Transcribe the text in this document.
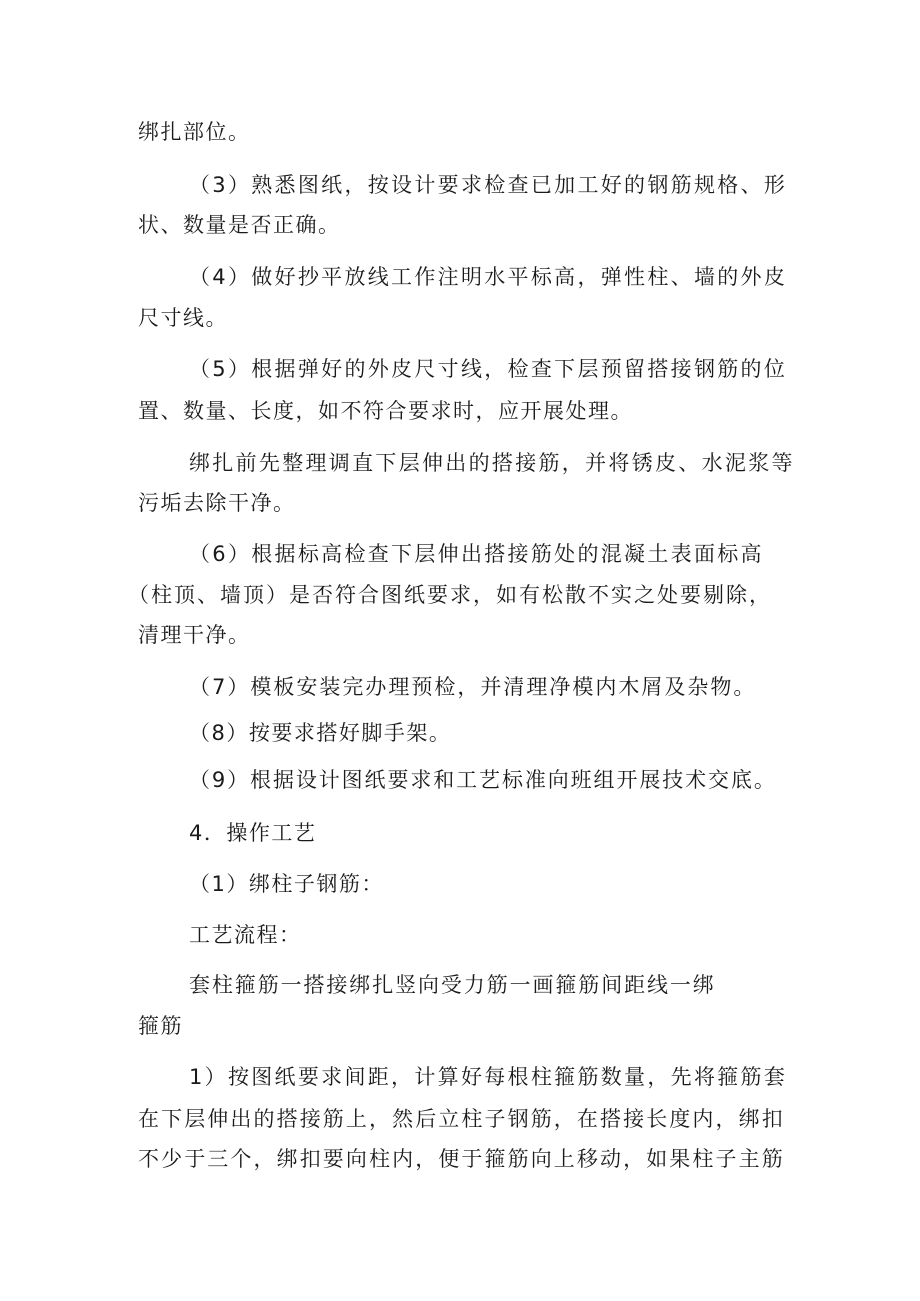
绑扎部位。
（3）熟悉图纸，按设计要求检查已加工好的钢筋规格、形
状、数量是否正确。
（4）做好抄平放线工作注明水平标高，弹性柱、墙的外皮
尺寸线。
（5）根据弹好的外皮尺寸线，检查下层预留搭接钢筋的位
置、数量、长度，如不符合要求时，应开展处理。
绑扎前先整理调直下层伸出的搭接筋，并将锈皮、水泥浆等
污垢去除干净。
（6）根据标高检查下层伸出搭接筋处的混凝土表面标高
（柱顶、墙顶）是否符合图纸要求，如有松散不实之处要剔除，
清理干净。
（7）模板安装完办理预检，并清理净模内木屑及杂物。
（8）按要求搭好脚手架。
（9）根据设计图纸要求和工艺标准向班组开展技术交底。
4．操作工艺
（1）绑柱子钢筋：
工艺流程：
套柱箍筋一搭接绑扎竖向受力筋一画箍筋间距线一绑
箍筋
1）按图纸要求间距，计算好每根柱箍筋数量，先将箍筋套
在下层伸出的搭接筋上，然后立柱子钢筋，在搭接长度内，绑扣
不少于三个，绑扣要向柱内，便于箍筋向上移动，如果柱子主筋
